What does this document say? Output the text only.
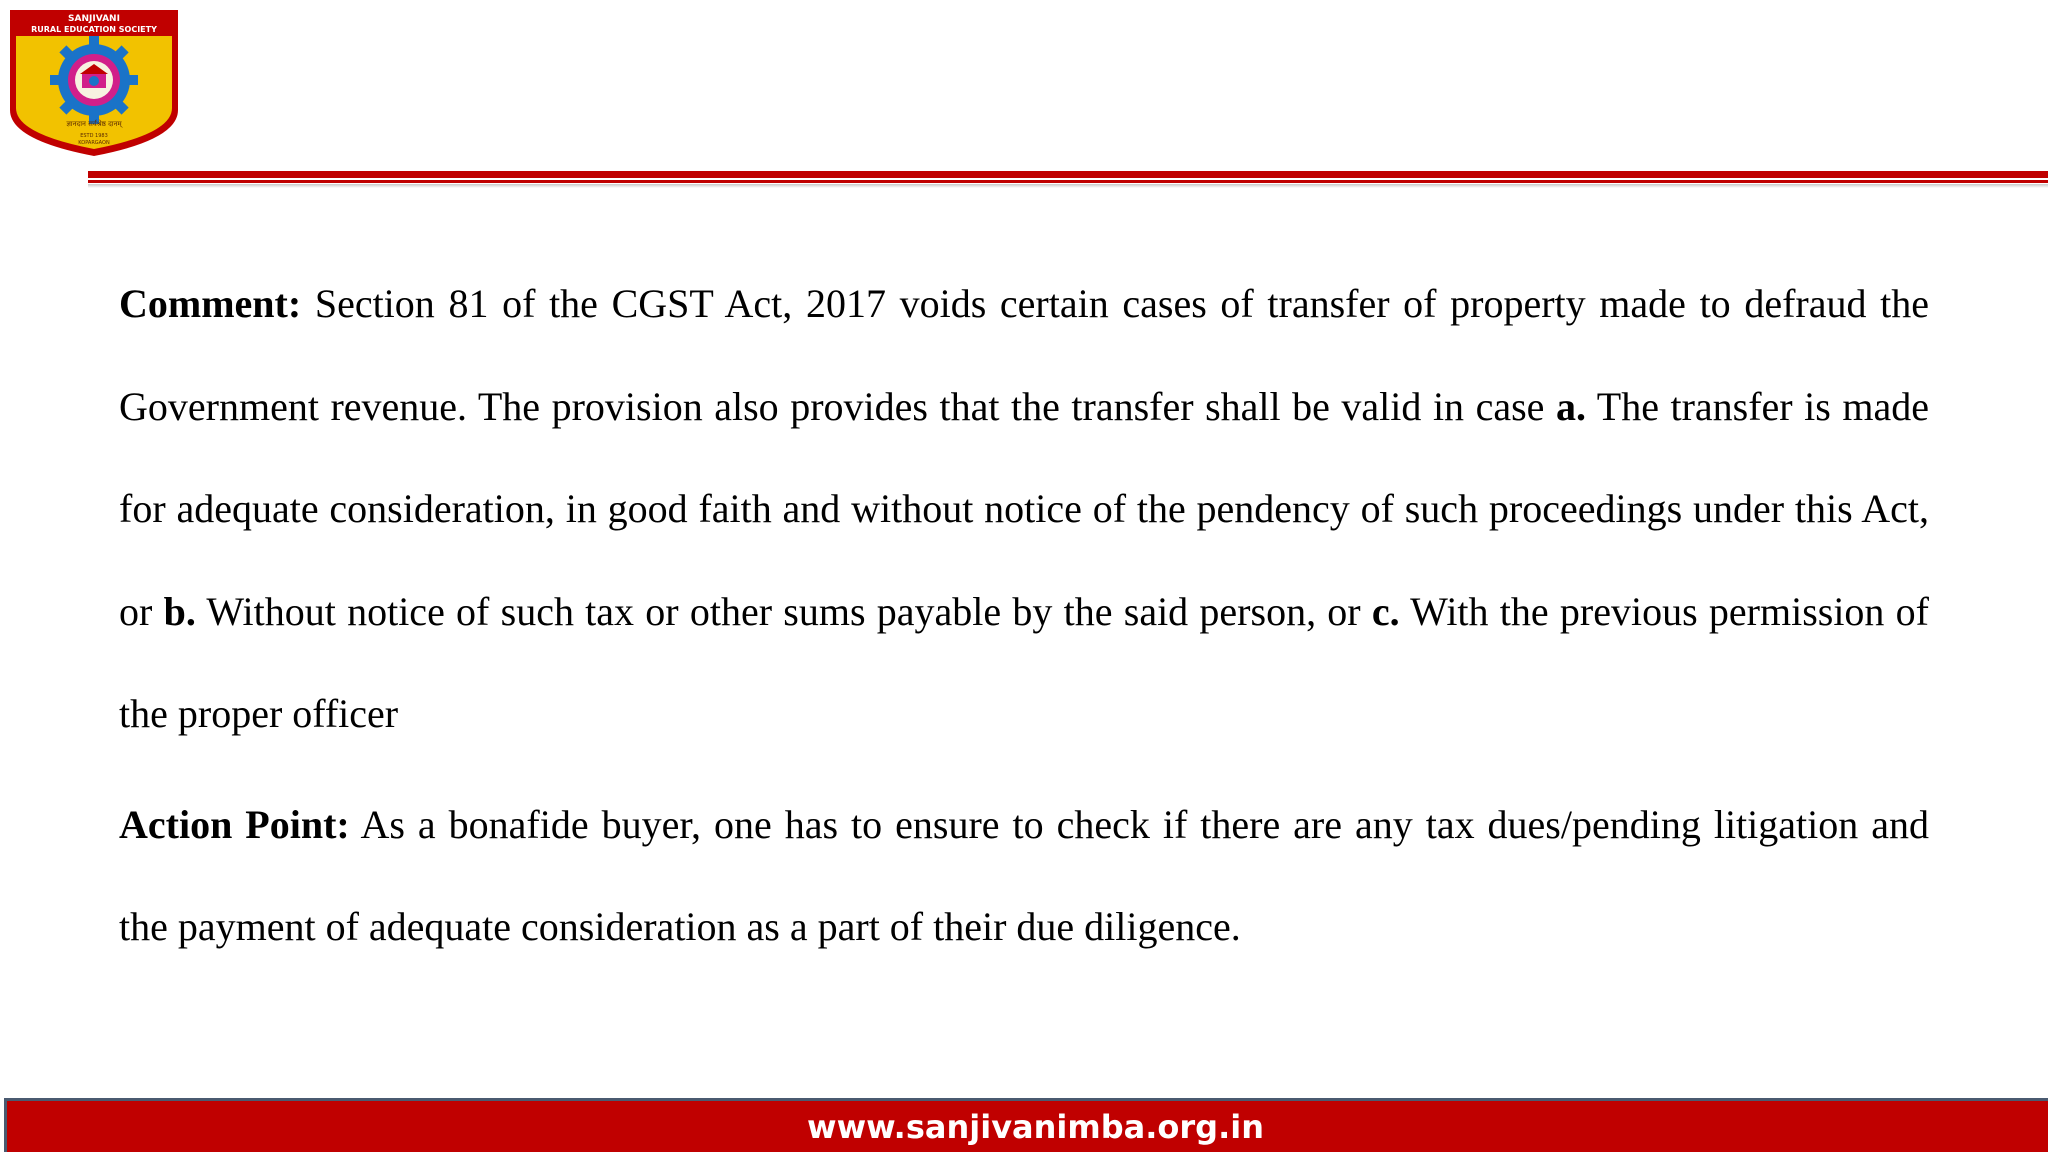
SANJIVANI
RURAL EDUCATION SOCIETY
ज्ञानदान सर्वश्रेष्ठ दानम्
ESTD 1983
KOPARGAON

Comment: Section 81 of the CGST Act, 2017 voids certain cases of transfer of property made to defraud the Government revenue. The provision also provides that the transfer shall be valid in case a. The transfer is made for adequate consideration, in good faith and without notice of the pendency of such proceedings under this Act, or b. Without notice of such tax or other sums payable by the said person, or c. With the previous permission of the proper officer

Action Point: As a bonafide buyer, one has to ensure to check if there are any tax dues/pending litigation and the payment of adequate consideration as a part of their due diligence.

www.sanjivanimba.org.in
